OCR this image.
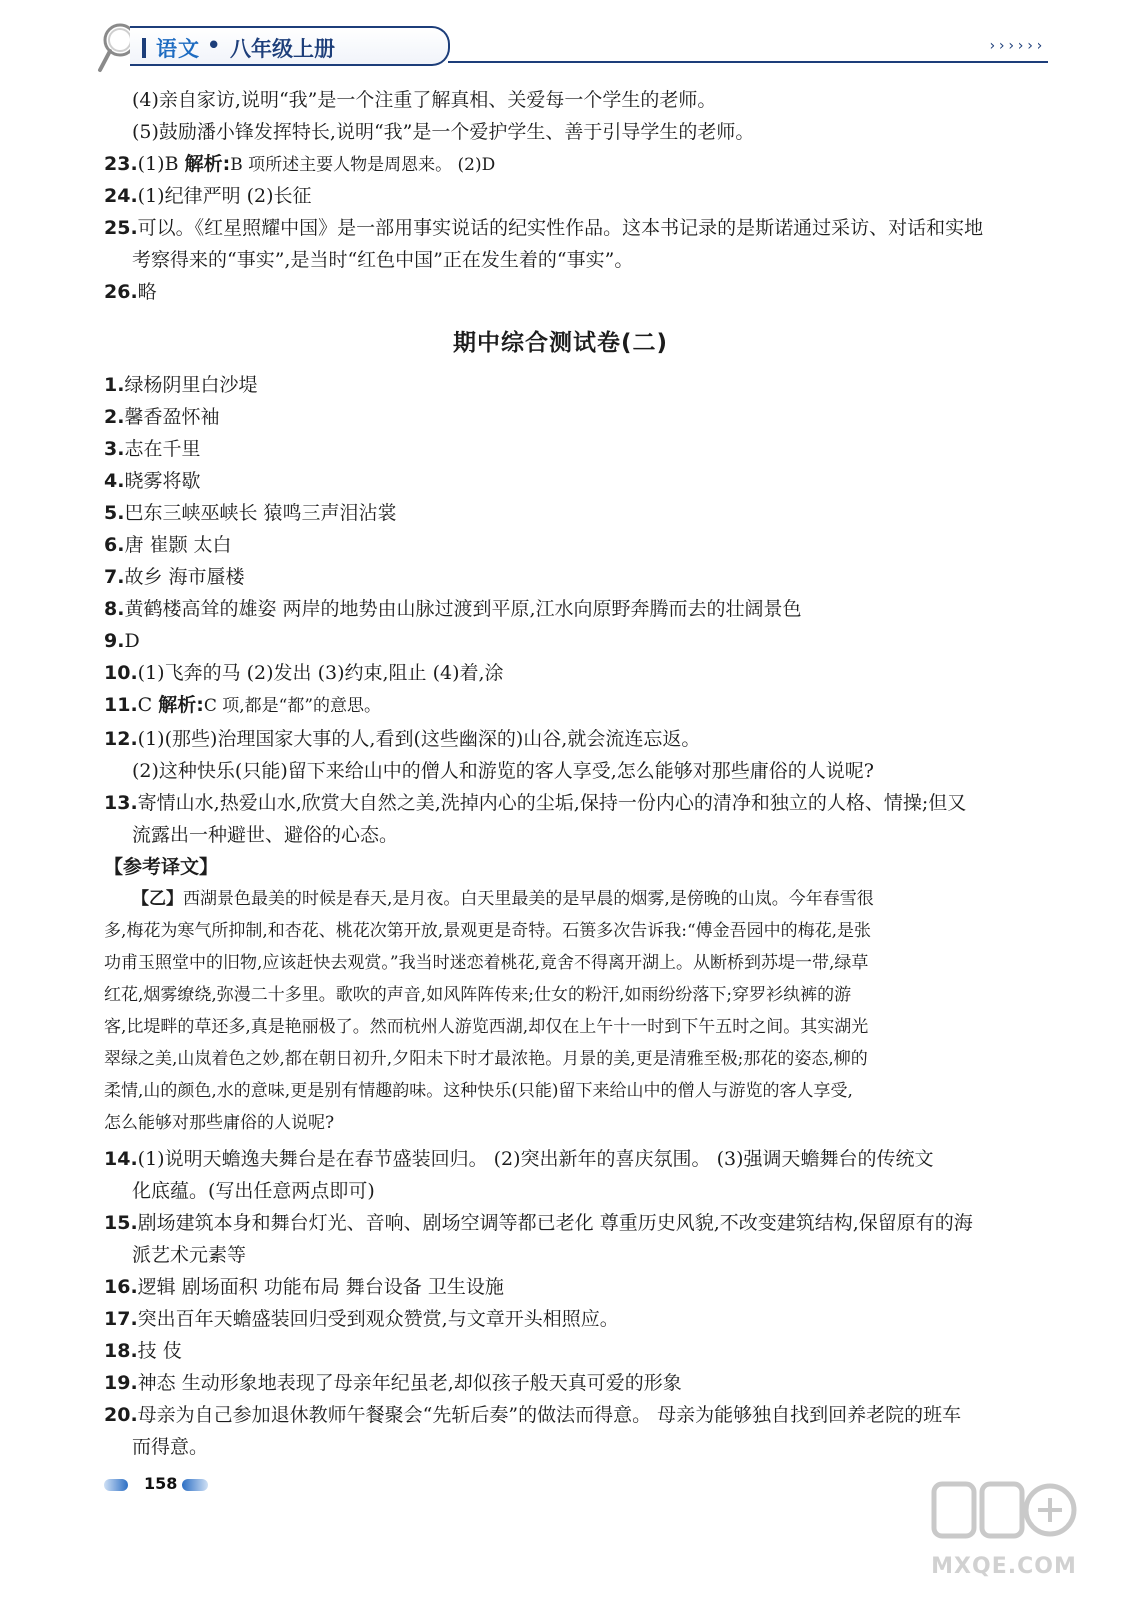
语文 • 八年级上册	››››››
(4)亲自家访,说明“我”是一个注重了解真相、关爱每一个学生的老师。
(5)鼓励潘小锋发挥特长,说明“我”是一个爱护学生、善于引导学生的老师。
23.(1)B 解析:B 项所述主要人物是周恩来。 (2)D
24.(1)纪律严明 (2)长征
25.可以。《红星照耀中国》是一部用事实说话的纪实性作品。这本书记录的是斯诺通过采访、对话和实地
考察得来的“事实”,是当时“红色中国”正在发生着的“事实”。
26.略
期中综合测试卷(二)
1.绿杨阴里白沙堤
2.馨香盈怀袖
3.志在千里
4.晓雾将歇
5.巴东三峡巫峡长 猿鸣三声泪沾裳
6.唐 崔颢 太白
7.故乡 海市蜃楼
8.黄鹤楼高耸的雄姿 两岸的地势由山脉过渡到平原,江水向原野奔腾而去的壮阔景色
9.D
10.(1)飞奔的马 (2)发出 (3)约束,阻止 (4)着,涂
11.C 解析:C 项,都是“都”的意思。
12.(1)(那些)治理国家大事的人,看到(这些幽深的)山谷,就会流连忘返。
(2)这种快乐(只能)留下来给山中的僧人和游览的客人享受,怎么能够对那些庸俗的人说呢?
13.寄情山水,热爱山水,欣赏大自然之美,洗掉内心的尘垢,保持一份内心的清净和独立的人格、情操;但又
流露出一种避世、避俗的心态。
【参考译文】
【乙】西湖景色最美的时候是春天,是月夜。白天里最美的是早晨的烟雾,是傍晚的山岚。今年春雪很
多,梅花为寒气所抑制,和杏花、桃花次第开放,景观更是奇特。石篑多次告诉我:“傅金吾园中的梅花,是张
功甫玉照堂中的旧物,应该赶快去观赏。”我当时迷恋着桃花,竟舍不得离开湖上。从断桥到苏堤一带,绿草
红花,烟雾缭绕,弥漫二十多里。歌吹的声音,如风阵阵传来;仕女的粉汗,如雨纷纷落下;穿罗衫纨裤的游
客,比堤畔的草还多,真是艳丽极了。然而杭州人游览西湖,却仅在上午十一时到下午五时之间。其实湖光
翠绿之美,山岚着色之妙,都在朝日初升,夕阳未下时才最浓艳。月景的美,更是清雅至极;那花的姿态,柳的
柔情,山的颜色,水的意味,更是别有情趣韵味。这种快乐(只能)留下来给山中的僧人与游览的客人享受,
怎么能够对那些庸俗的人说呢?
14.(1)说明天蟾逸夫舞台是在春节盛装回归。 (2)突出新年的喜庆氛围。 (3)强调天蟾舞台的传统文
化底蕴。(写出任意两点即可)
15.剧场建筑本身和舞台灯光、音响、剧场空调等都已老化 尊重历史风貌,不改变建筑结构,保留原有的海
派艺术元素等
16.逻辑 剧场面积 功能布局 舞台设备 卫生设施
17.突出百年天蟾盛装回归受到观众赞赏,与文章开头相照应。
18.技 伎
19.神态 生动形象地表现了母亲年纪虽老,却似孩子般天真可爱的形象
20.母亲为自己参加退休教师午餐聚会“先斩后奏”的做法而得意。 母亲为能够独自找到回养老院的班车
而得意。
158
MXQE.COM
